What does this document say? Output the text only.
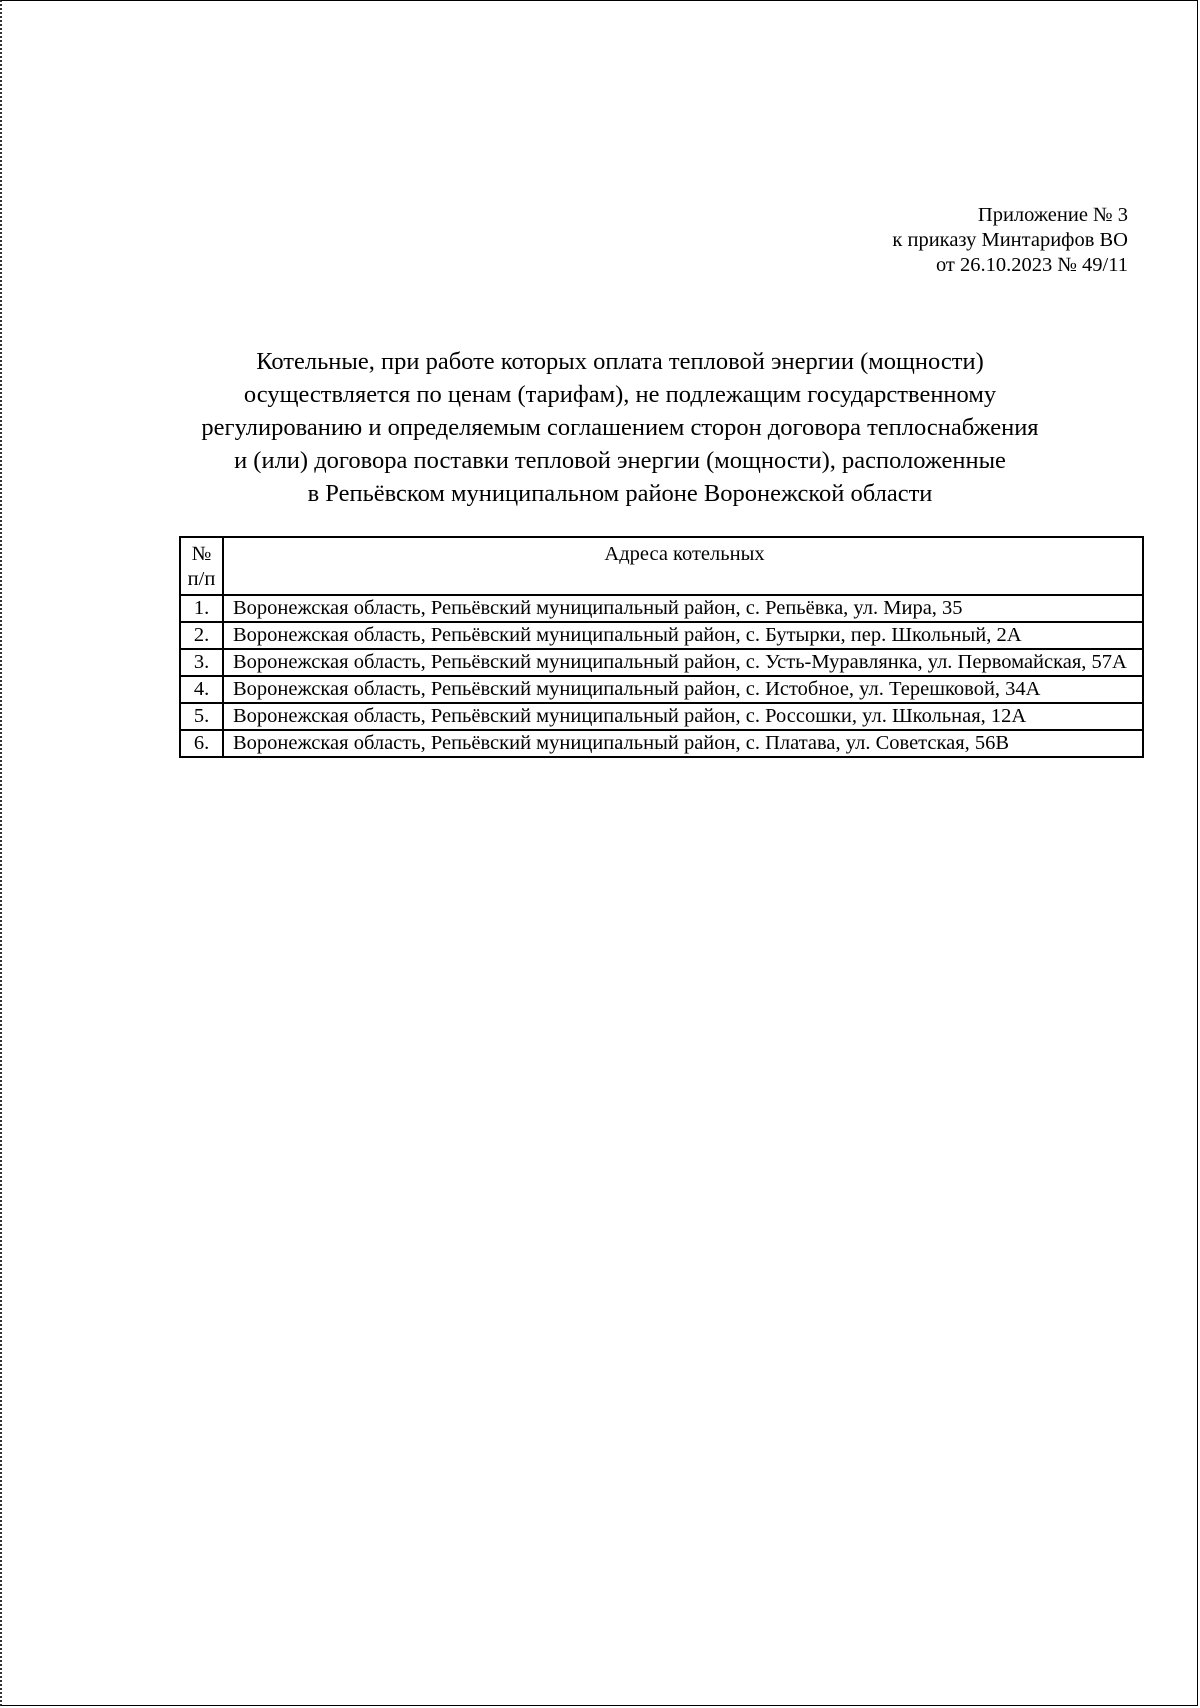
Приложение № 3
к приказу Минтарифов ВО
от 26.10.2023 № 49/11
Котельные, при работе которых оплата тепловой энергии (мощности)
осуществляется по ценам (тарифам), не подлежащим государственному
регулированию и определяемым соглашением сторон договора теплоснабжения
и (или) договора поставки тепловой энергии (мощности), расположенные
в Репьёвском муниципальном районе Воронежской области
№
п/п	Адреса котельных
1.	Воронежская область, Репьёвский муниципальный район, с. Репьёвка, ул. Мира, 35
2.	Воронежская область, Репьёвский муниципальный район, с. Бутырки, пер. Школьный, 2А
3.	Воронежская область, Репьёвский муниципальный район, с. Усть-Муравлянка, ул. Первомайская, 57А
4.	Воронежская область, Репьёвский муниципальный район, с. Истобное, ул. Терешковой, 34А
5.	Воронежская область, Репьёвский муниципальный район, с. Россошки, ул. Школьная, 12А
6.	Воронежская область, Репьёвский муниципальный район, с. Платава, ул. Советская, 56В
